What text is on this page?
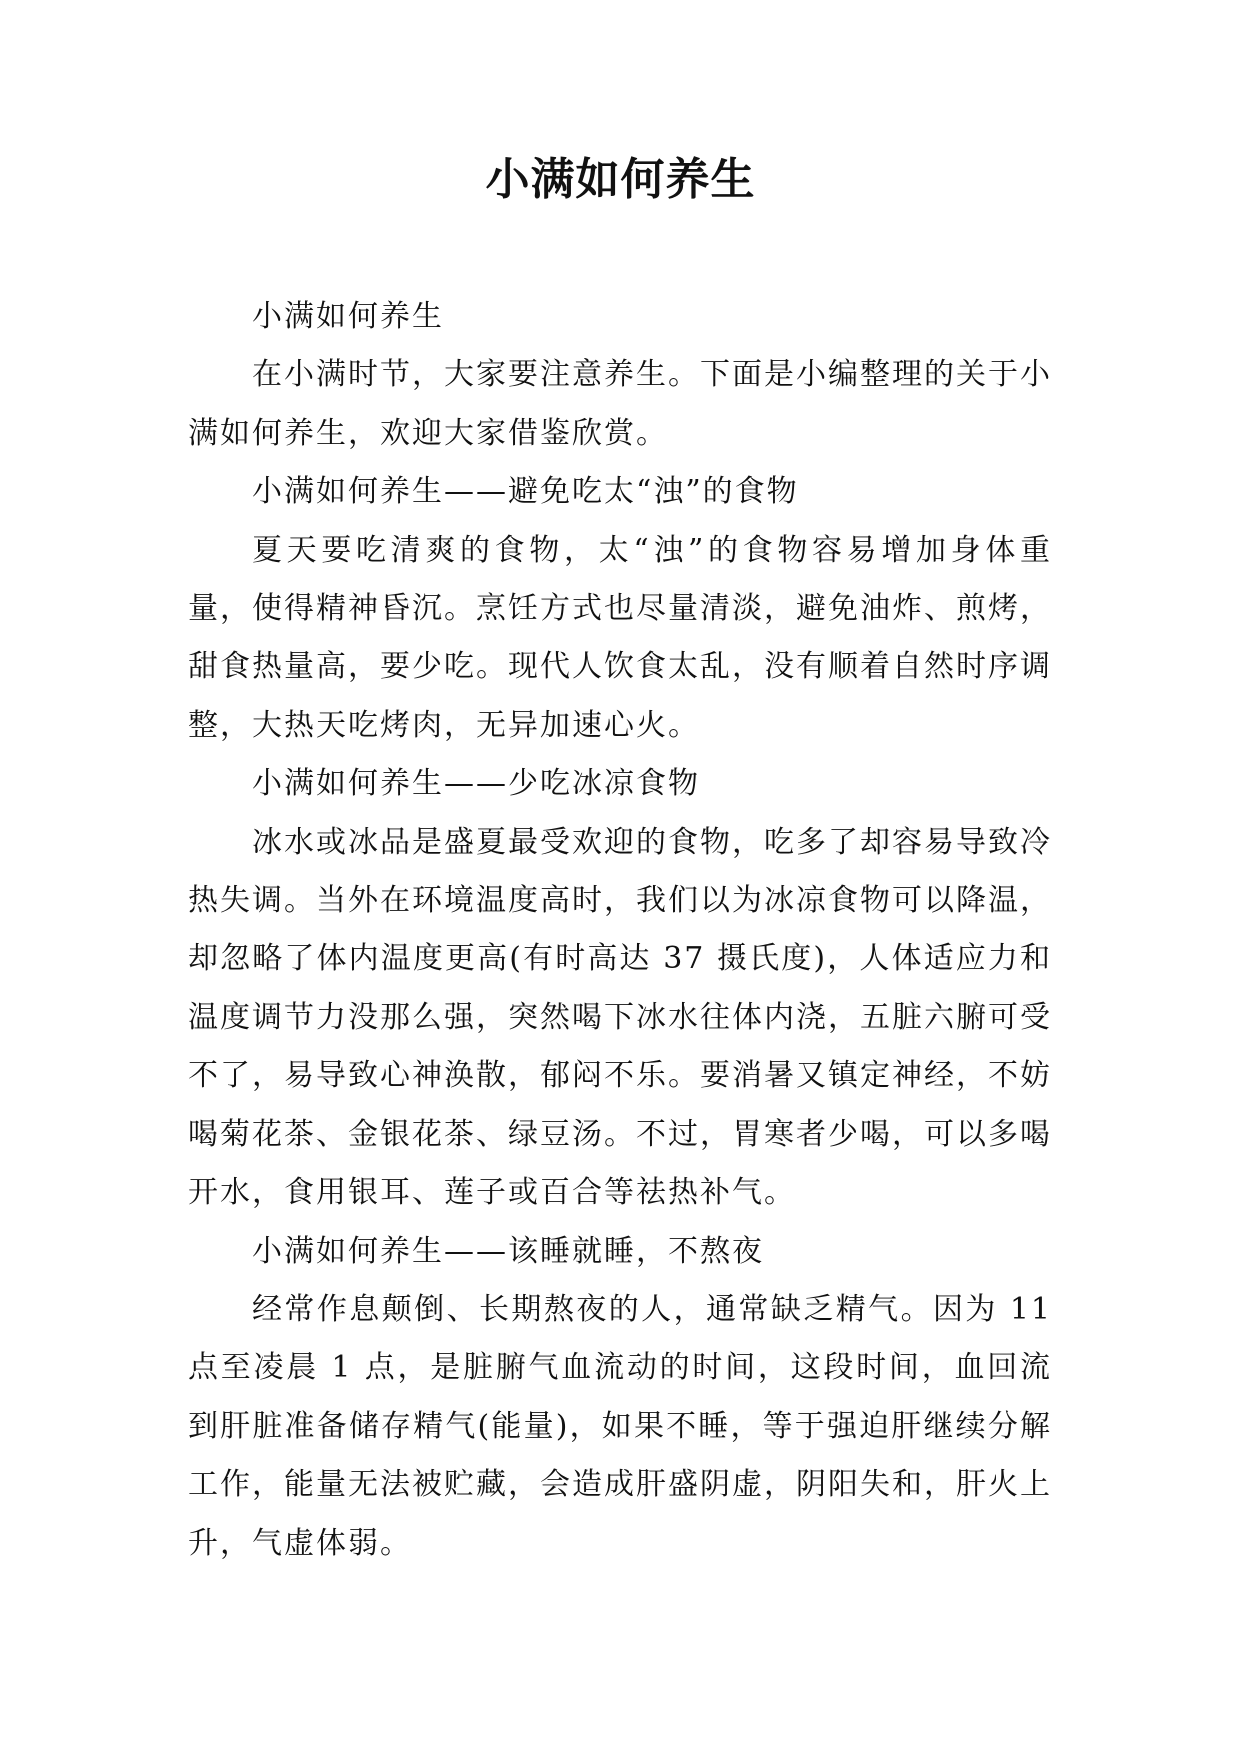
小满如何养生

小满如何养生

在小满时节，大家要注意养生。下面是小编整理的关于小满如何养生，欢迎大家借鉴欣赏。

小满如何养生——避免吃太“浊”的食物

夏天要吃清爽的食物，太“浊”的食物容易增加身体重量，使得精神昏沉。烹饪方式也尽量清淡，避免油炸、煎烤，甜食热量高，要少吃。现代人饮食太乱，没有顺着自然时序调整，大热天吃烤肉，无异加速心火。

小满如何养生——少吃冰凉食物

冰水或冰品是盛夏最受欢迎的食物，吃多了却容易导致冷热失调。当外在环境温度高时，我们以为冰凉食物可以降温，却忽略了体内温度更高(有时高达 37 摄氏度)，人体适应力和温度调节力没那么强，突然喝下冰水往体内浇，五脏六腑可受不了，易导致心神涣散，郁闷不乐。要消暑又镇定神经，不妨喝菊花茶、金银花茶、绿豆汤。不过，胃寒者少喝，可以多喝开水，食用银耳、莲子或百合等祛热补气。

小满如何养生——该睡就睡，不熬夜

经常作息颠倒、长期熬夜的人，通常缺乏精气。因为 11 点至凌晨 1 点，是脏腑气血流动的时间，这段时间，血回流到肝脏准备储存精气(能量)，如果不睡，等于强迫肝继续分解工作，能量无法被贮藏，会造成肝盛阴虚，阴阳失和，肝火上升，气虚体弱。
